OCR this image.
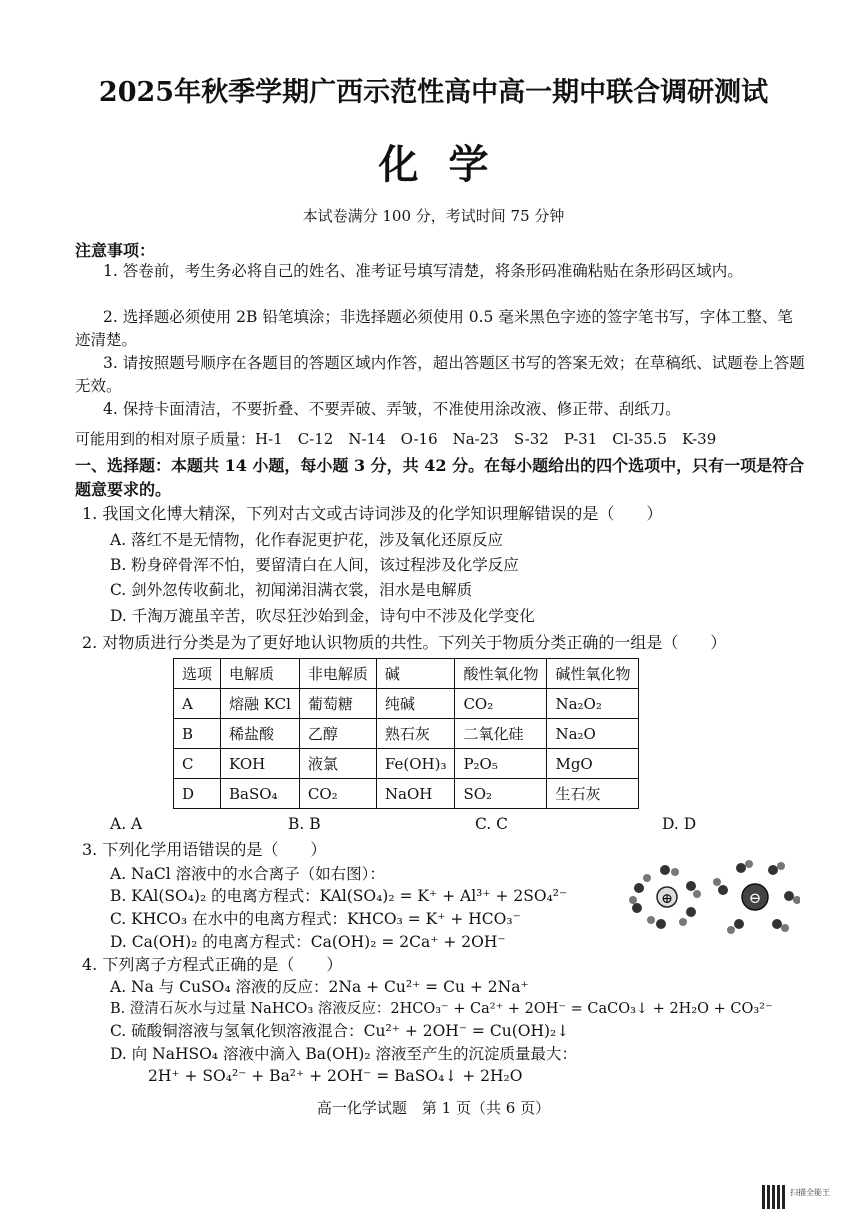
2025年秋季学期广西示范性高中高一期中联合调研测试
化学
本试卷满分 100 分，考试时间 75 分钟
注意事项：
1. 答卷前，考生务必将自己的姓名、准考证号填写清楚，将条形码准确粘贴在条形码区域内。
2. 选择题必须使用 2B 铅笔填涂；非选择题必须使用 0.5 毫米黑色字迹的签字笔书写，字体工整、笔迹清楚。
3. 请按照题号顺序在各题目的答题区域内作答，超出答题区书写的答案无效；在草稿纸、试题卷上答题无效。
4. 保持卡面清洁，不要折叠、不要弄破、弄皱，不准使用涂改液、修正带、刮纸刀。
可能用到的相对原子质量：H-1　C-12　N-14　O-16　Na-23　S-32　P-31　Cl-35.5　K-39
一、选择题：本题共 14 小题，每小题 3 分，共 42 分。在每小题给出的四个选项中，只有一项是符合题意要求的。
1. 我国文化博大精深，下列对古文或古诗词涉及的化学知识理解错误的是（　　）
A. 落红不是无情物，化作春泥更护花，涉及氧化还原反应
B. 粉身碎骨浑不怕，要留清白在人间，该过程涉及化学反应
C. 剑外忽传收蓟北，初闻涕泪满衣裳，泪水是电解质
D. 千淘万漉虽辛苦，吹尽狂沙始到金，诗句中不涉及化学变化
2. 对物质进行分类是为了更好地认识物质的共性。下列关于物质分类正确的一组是（　　）
选项	电解质	非电解质	碱	酸性氧化物	碱性氧化物
A	熔融 KCl	葡萄糖	纯碱	CO₂	Na₂O₂
B	稀盐酸	乙醇	熟石灰	二氧化硅	Na₂O
C	KOH	液氯	Fe(OH)₃	P₂O₅	MgO
D	BaSO₄	CO₂	NaOH	SO₂	生石灰
A. A	B. B	C. C	D. D
3. 下列化学用语错误的是（　　）
A. NaCl 溶液中的水合离子（如右图）：
B. KAl(SO₄)₂ 的电离方程式：KAl(SO₄)₂ = K⁺ + Al³⁺ + 2SO₄²⁻
C. KHCO₃ 在水中的电离方程式：KHCO₃ = K⁺ + HCO₃⁻
D. Ca(OH)₂ 的电离方程式：Ca(OH)₂ = 2Ca⁺ + 2OH⁻
⊕	⊖
4. 下列离子方程式正确的是（　　）
A. Na 与 CuSO₄ 溶液的反应：2Na + Cu²⁺ = Cu + 2Na⁺
B. 澄清石灰水与过量 NaHCO₃ 溶液反应：2HCO₃⁻ + Ca²⁺ + 2OH⁻ = CaCO₃↓ + 2H₂O + CO₃²⁻
C. 硫酸铜溶液与氢氧化钡溶液混合：Cu²⁺ + 2OH⁻ = Cu(OH)₂↓
D. 向 NaHSO₄ 溶液中滴入 Ba(OH)₂ 溶液至产生的沉淀质量最大：
2H⁺ + SO₄²⁻ + Ba²⁺ + 2OH⁻ = BaSO₄↓ + 2H₂O
高一化学试题　第 1 页（共 6 页）
扫描全能王
